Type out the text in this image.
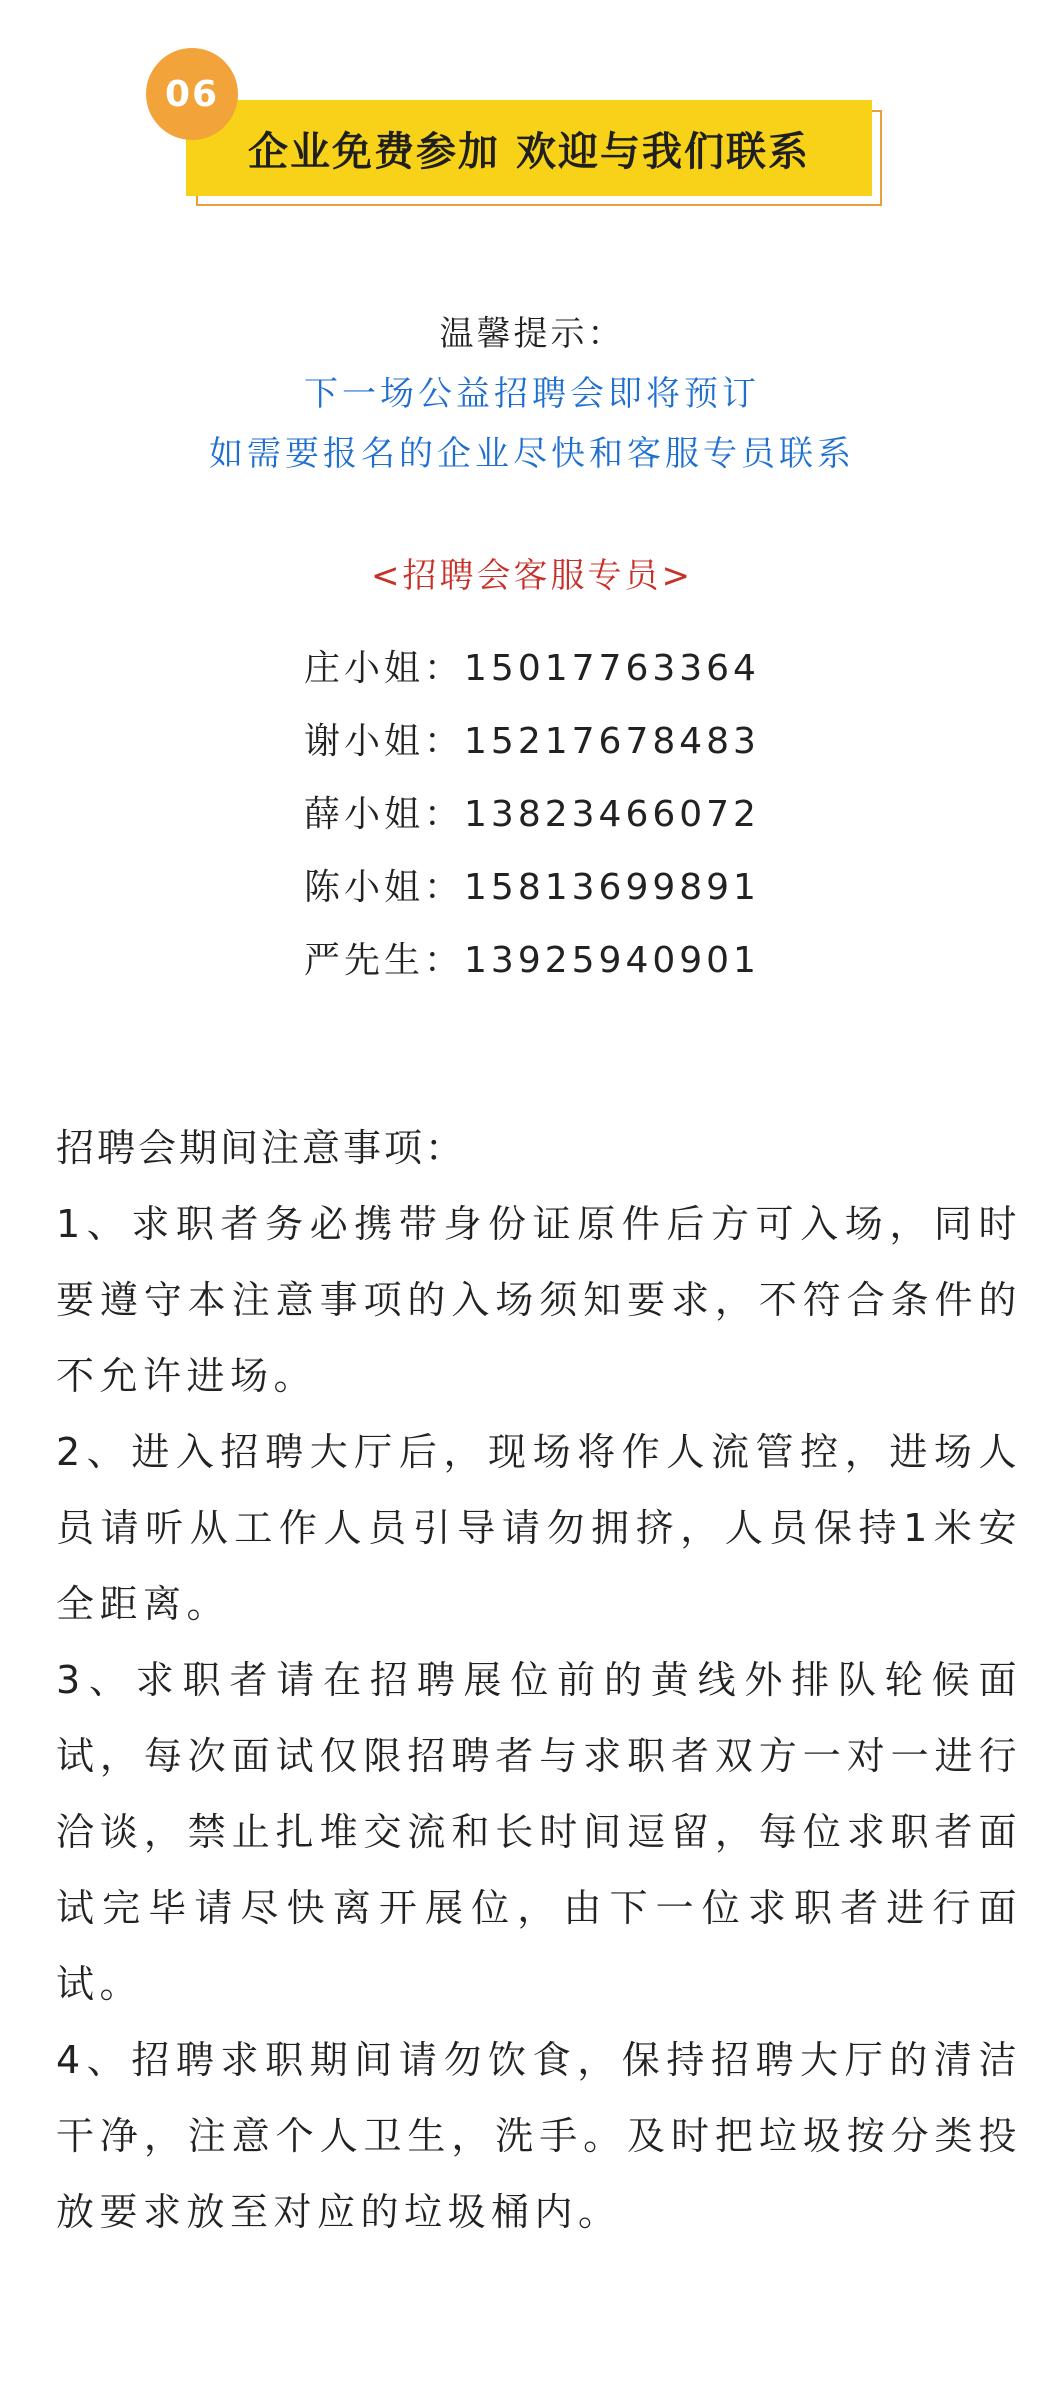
企业免费参加 欢迎与我们联系
06
温馨提示：
下一场公益招聘会即将预订
如需要报名的企业尽快和客服专员联系
<招聘会客服专员>
庄小姐：15017763364
谢小姐：15217678483
薛小姐：13823466072
陈小姐：15813699891
严先生：13925940901
招聘会期间注意事项：

1、求职者务必携带身份证原件后方可入场，同时要遵守本注意事项的入场须知要求，不符合条件的不允许进场。

2、进入招聘大厅后，现场将作人流管控，进场人员请听从工作人员引导请勿拥挤，人员保持1米安全距离。

3、求职者请在招聘展位前的黄线外排队轮候面试，每次面试仅限招聘者与求职者双方一对一进行洽谈，禁止扎堆交流和长时间逗留，每位求职者面试完毕请尽快离开展位，由下一位求职者进行面试。

4、招聘求职期间请勿饮食，保持招聘大厅的清洁干净，注意个人卫生，洗手。及时把垃圾按分类投放要求放至对应的垃圾桶内。
